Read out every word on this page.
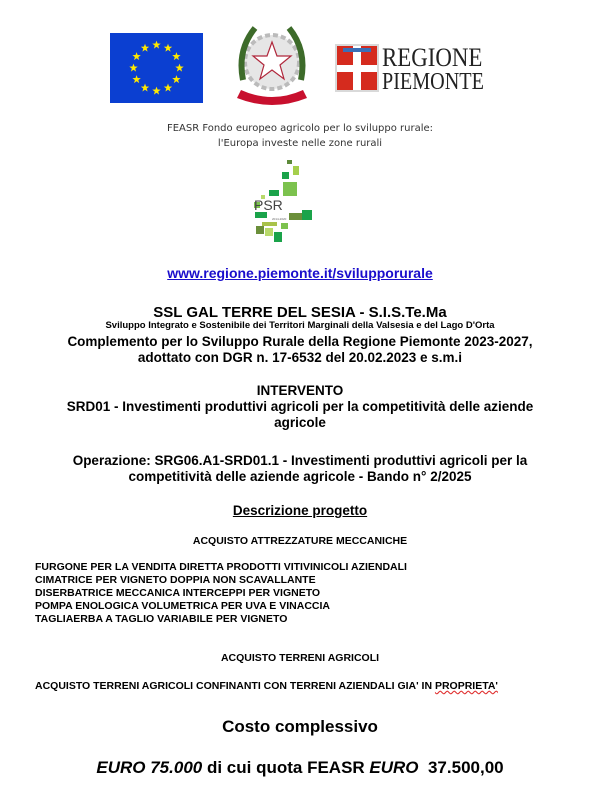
REGIONE
PIEMONTE
FEASR Fondo europeo agricolo per lo sviluppo rurale:
l'Europa investe nelle zone rurali
PSR
2014-2020
www.regione.piemonte.it/svilupporurale
SSL GAL TERRE DEL SESIA - S.I.S.Te.Ma
Sviluppo Integrato e Sostenibile dei Territori Marginali della Valsesia e del Lago D'Orta
Complemento per lo Sviluppo Rurale della Regione Piemonte 2023-2027,
adottato con DGR n. 17-6532 del 20.02.2023 e s.m.i
INTERVENTO
SRD01 - Investimenti produttivi agricoli per la competitività delle aziende
agricole
Operazione: SRG06.A1-SRD01.1 - Investimenti produttivi agricoli per la
competitività delle aziende agricole - Bando n° 2/2025
Descrizione progetto
ACQUISTO ATTREZZATURE MECCANICHE
FURGONE PER LA VENDITA DIRETTA PRODOTTI VITIVINICOLI AZIENDALI
CIMATRICE PER VIGNETO DOPPIA NON SCAVALLANTE
DISERBATRICE MECCANICA INTERCEPPI PER VIGNETO
POMPA ENOLOGICA VOLUMETRICA PER UVA E VINACCIA
TAGLIAERBA A TAGLIO VARIABILE PER VIGNETO
ACQUISTO TERRENI AGRICOLI
ACQUISTO TERRENI AGRICOLI CONFINANTI CON TERRENI AZIENDALI GIA' IN PROPRIETA'
Costo complessivo
EURO 75.000 di cui quota FEASR EURO  37.500,00
